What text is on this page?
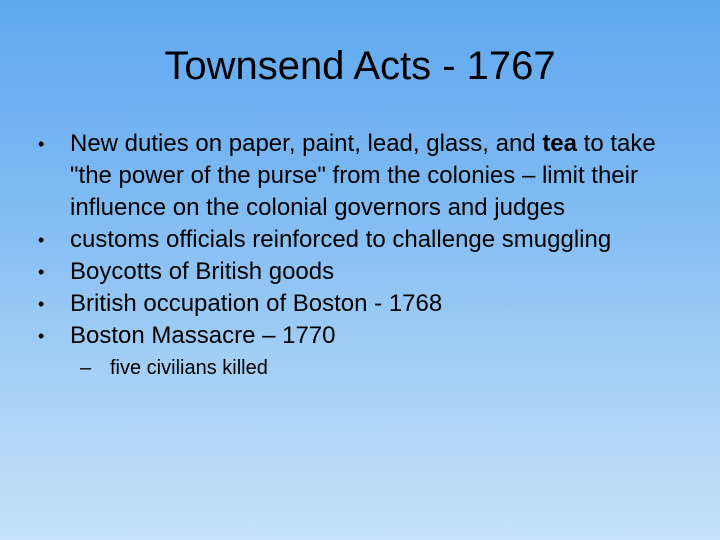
Townsend Acts - 1767
• New duties on paper, paint, lead, glass, and tea to take "the power of the purse" from the colonies – limit their influence on the colonial governors and judges
• customs officials reinforced to challenge smuggling
• Boycotts of British goods
• British occupation of Boston - 1768
• Boston Massacre – 1770
– five civilians killed
